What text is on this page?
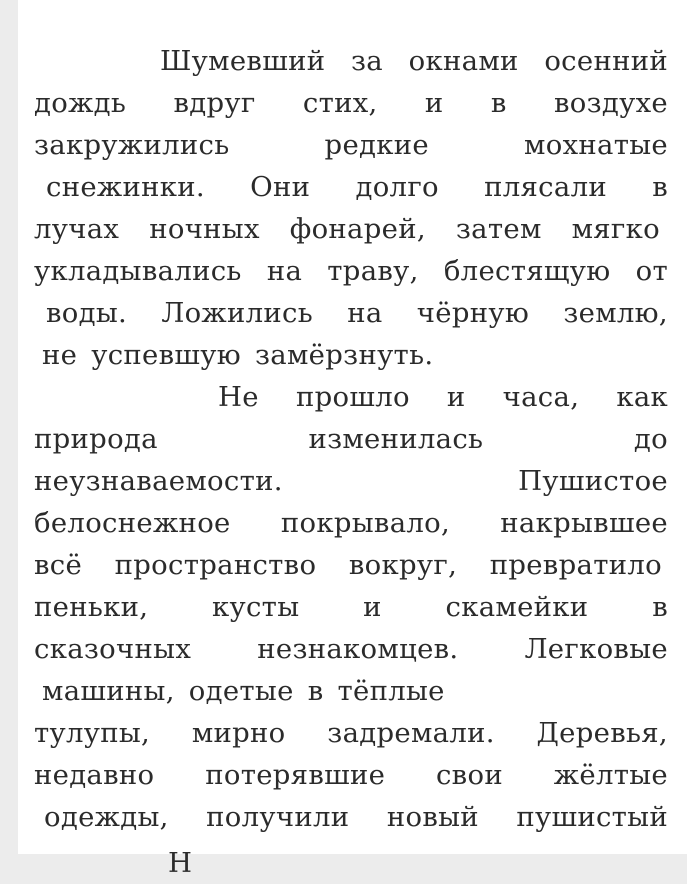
Шумевший за окнами осенний
дождь вдруг стих, и в воздухе
закружились	редкие	мохнатые
снежинки. Они долго плясали в
лучах ночных фонарей, затем мягко
укладывались на траву, блестящую от
воды. Ложились на чёрную землю,
не успевшую замёрзнуть.
Не прошло и часа, как
природа	изменилась	до
неузнаваемости.	Пушистое
белоснежное покрывало, накрывшее
всё пространство вокруг, превратило
пеньки, кусты и скамейки в
сказочных незнакомцев. Легковые
машины, одетые в тёплые
тулупы, мирно задремали. Деревья,
недавно потерявшие свои жёлтые
одежды, получили новый пушистый
Н
